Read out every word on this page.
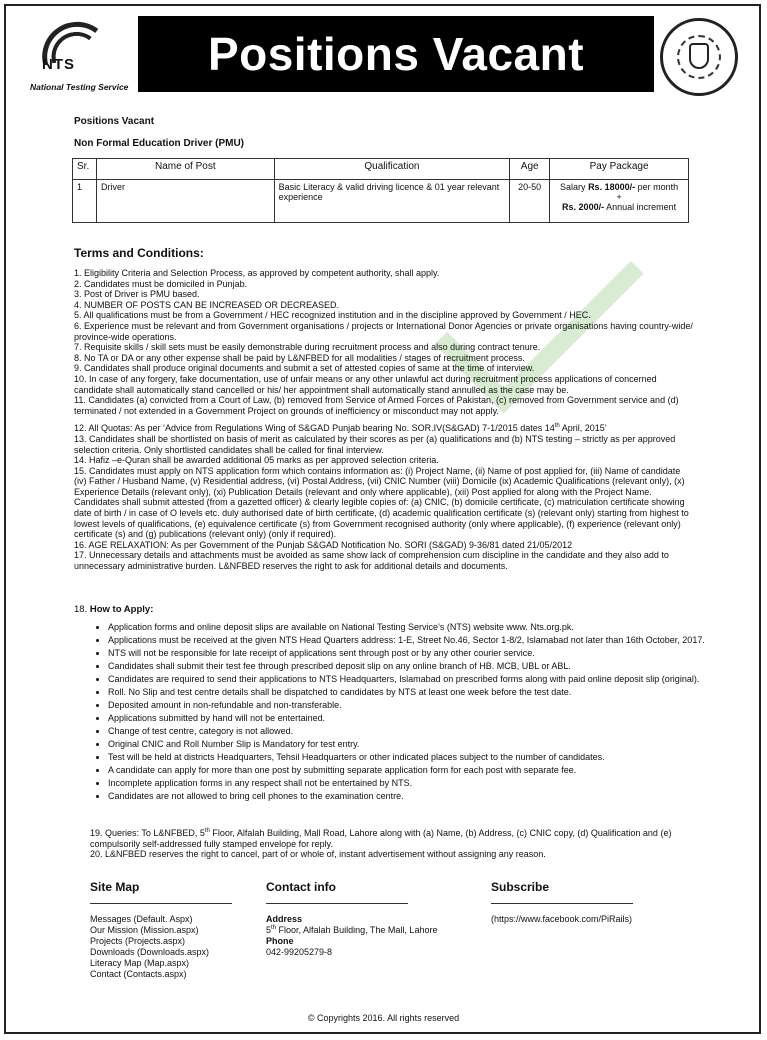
NTS
National Testing Service
Positions Vacant
Positions Vacant
Non Formal Education Driver (PMU)
Sr.	Name of Post	Qualification	Age	Pay Package
1	Driver	Basic Literacy & valid driving licence & 01 year relevant experience	20-50	Salary Rs. 18000/- per month
+
Rs. 2000/- Annual increment
Terms and Conditions:

1. Eligibility Criteria and Selection Process, as approved by competent authority, shall apply.

2. Candidates must be domiciled in Punjab.

3. Post of Driver is PMU based.

4. NUMBER OF POSTS CAN BE INCREASED OR DECREASED.

5. All qualifications must be from a Government / HEC recognized institution and in the discipline approved by Government / HEC.

6. Experience must be relevant and from Government organisations / projects or International Donor Agencies or private organisations having country-wide/ province-wide operations.

7. Requisite skills / skill sets must be easily demonstrable during recruitment process and also during contract tenure.

8. No TA or DA or any other expense shall be paid by L&NFBED for all modalities / stages of recruitment process.

9. Candidates shall produce original documents and submit a set of attested copies of same at the time of interview.

10. In case of any forgery, fake documentation, use of unfair means or any other unlawful act during recruitment process applications of concerned candidate shall automatically stand cancelled or his/ her appointment shall automatically stand annulled as the case may be.

11. Candidates (a) convicted from a Court of Law, (b) removed from Service of Armed Forces of Pakistan, (c) removed from Government service and (d) terminated / not extended in a Government Project on grounds of inefficiency or misconduct may not apply.

12. All Quotas: As per ‘Advice from Regulations Wing of S&GAD Punjab bearing No. SOR.IV(S&GAD) 7-1/2015 dates 14th April, 2015’

13. Candidates shall be shortlisted on basis of merit as calculated by their scores as per (a) qualifications and (b) NTS testing – strictly as per approved selection criteria. Only shortlisted candidates shall be called for final interview.

14. Hafiz –e-Quran shall be awarded additional 05 marks as per approved selection criteria.

15. Candidates must apply on NTS application form which contains information as: (i) Project Name, (ii) Name of post applied for, (iii) Name of candidate (iv) Father / Husband Name, (v) Residential address, (vi) Postal Address, (vii) CNIC Number (viii) Domicile (ix) Academic Qualifications (relevant only), (x) Experience Details (relevant only), (xi) Publication Details (relevant and only where applicable), (xii) Post applied for along with the Project Name. Candidates shall submit attested (from a gazetted officer) & clearly legible copies of: (a) CNIC, (b) domicile certificate, (c) matriculation certificate showing date of birth / in case of O levels etc. duly authorised date of birth certificate, (d) academic qualification certificate (s) (relevant only) starting from highest to lowest levels of qualifications, (e) equivalence certificate (s) from Government recognised authority (only where applicable), (f) experience (relevant only) certificate (s) and (g) publications (relevant only) (only if required).

16. AGE RELAXATION: As per Government of the Punjab S&GAD Notification No. SORI (S&GAD) 9-36/81 dated 21/05/2012

17. Unnecessary details and attachments must be avoided as same show lack of comprehension cum discipline in the candidate and they also add to unnecessary administrative burden. L&NFBED reserves the right to ask for additional details and documents.

18. How to Apply:
• Application forms and online deposit slips are available on National Testing Service’s (NTS) website www. Nts.org.pk.
• Applications must be received at the given NTS Head Quarters address: 1-E, Street No.46, Sector 1-8/2, Islamabad not later than 16th October, 2017.
• NTS will not be responsible for late receipt of applications sent through post or by any other courier service.
• Candidates shall submit their test fee through prescribed deposit slip on any online branch of HB. MCB, UBL or ABL.
• Candidates are required to send their applications to NTS Headquarters, Islamabad on prescribed forms along with paid online deposit slip (original).
• Roll. No Slip and test centre details shall be dispatched to candidates by NTS at least one week before the test date.
• Deposited amount in non-refundable and non-transferable.
• Applications submitted by hand will not be entertained.
• Change of test centre, category is not allowed.
• Original CNIC and Roll Number Slip is Mandatory for test entry.
• Test will be held at districts Headquarters, Tehsil Headquarters or other indicated places subject to the number of candidates.
• A candidate can apply for more than one post by submitting separate application form for each post with separate fee.
• Incomplete application forms in any respect shall not be entertained by NTS.
• Candidates are not allowed to bring cell phones to the examination centre.

19. Queries: To L&NFBED, 5th Floor, Alfalah Building, Mall Road, Lahore along with (a) Name, (b) Address, (c) CNIC copy, (d) Qualification and (e) compulsorily self-addressed fully stamped envelope for reply.

20. L&NFBED reserves the right to cancel, part of or whole of, instant advertisement without assigning any reason.

Site Map
Messages (Default. Aspx)
Our Mission (Mission.aspx)
Projects (Projects.aspx)
Downloads (Downloads.aspx)
Literacy Map (Map.aspx)
Contact (Contacts.aspx)
Contact info
Address
5th Floor, Alfalah Building, The Mall, Lahore
Phone
042-99205279-8
Subscribe
(https://www.facebook.com/PiRails)
© Copyrights 2016. All rights reserved
